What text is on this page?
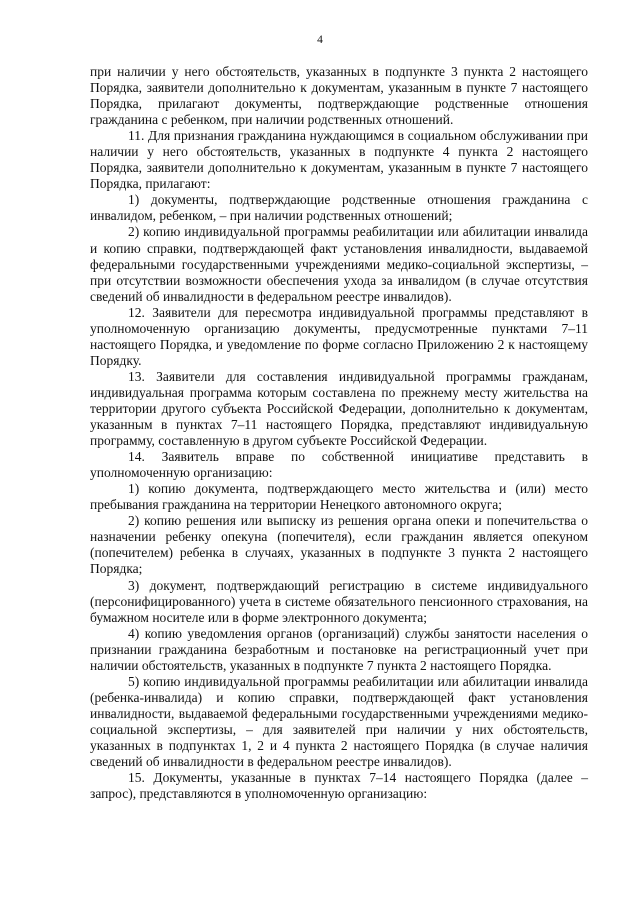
4

при наличии у него обстоятельств, указанных в подпункте 3 пункта 2 настоящего Порядка, заявители дополнительно к документам, указанным в пункте 7 настоящего Порядка, прилагают документы, подтверждающие родственные отношения гражданина с ребенком, при наличии родственных отношений.

11. Для признания гражданина нуждающимся в социальном обслуживании при наличии у него обстоятельств, указанных в подпункте 4 пункта 2 настоящего Порядка, заявители дополнительно к документам, указанным в пункте 7 настоящего Порядка, прилагают:

1) документы, подтверждающие родственные отношения гражданина с инвалидом, ребенком, – при наличии родственных отношений;

2) копию индивидуальной программы реабилитации или абилитации инвалида и копию справки, подтверждающей факт установления инвалидности, выдаваемой федеральными государственными учреждениями медико-социальной экспертизы, – при отсутствии возможности обеспечения ухода за инвалидом (в случае отсутствия сведений об инвалидности в федеральном реестре инвалидов).

12. Заявители для пересмотра индивидуальной программы представляют в уполномоченную организацию документы, предусмотренные пунктами 7–11 настоящего Порядка, и уведомление по форме согласно Приложению 2 к настоящему Порядку.

13. Заявители для составления индивидуальной программы гражданам, индивидуальная программа которым составлена по прежнему месту жительства на территории другого субъекта Российской Федерации, дополнительно к документам, указанным в пунктах 7–11 настоящего Порядка, представляют индивидуальную программу, составленную в другом субъекте Российской Федерации.

14. Заявитель вправе по собственной инициативе представить в уполномоченную организацию:

1) копию документа, подтверждающего место жительства и (или) место пребывания гражданина на территории Ненецкого автономного округа;

2) копию решения или выписку из решения органа опеки и попечительства о назначении ребенку опекуна (попечителя), если гражданин является опекуном (попечителем) ребенка в случаях, указанных в подпункте 3 пункта 2 настоящего Порядка;

3) документ, подтверждающий регистрацию в системе индивидуального (персонифицированного) учета в системе обязательного пенсионного страхования, на бумажном носителе или в форме электронного документа;

4) копию уведомления органов (организаций) службы занятости населения о признании гражданина безработным и постановке на регистрационный учет при наличии обстоятельств, указанных в подпункте 7 пункта 2 настоящего Порядка.

5) копию индивидуальной программы реабилитации или абилитации инвалида (ребенка-инвалида) и копию справки, подтверждающей факт установления инвалидности, выдаваемой федеральными государственными учреждениями медико-социальной экспертизы, – для заявителей при наличии у них обстоятельств, указанных в подпунктах 1, 2 и 4 пункта 2 настоящего Порядка (в случае наличия сведений об инвалидности в федеральном реестре инвалидов).

15. Документы, указанные в пунктах 7–14 настоящего Порядка (далее – запрос), представляются в уполномоченную организацию:
